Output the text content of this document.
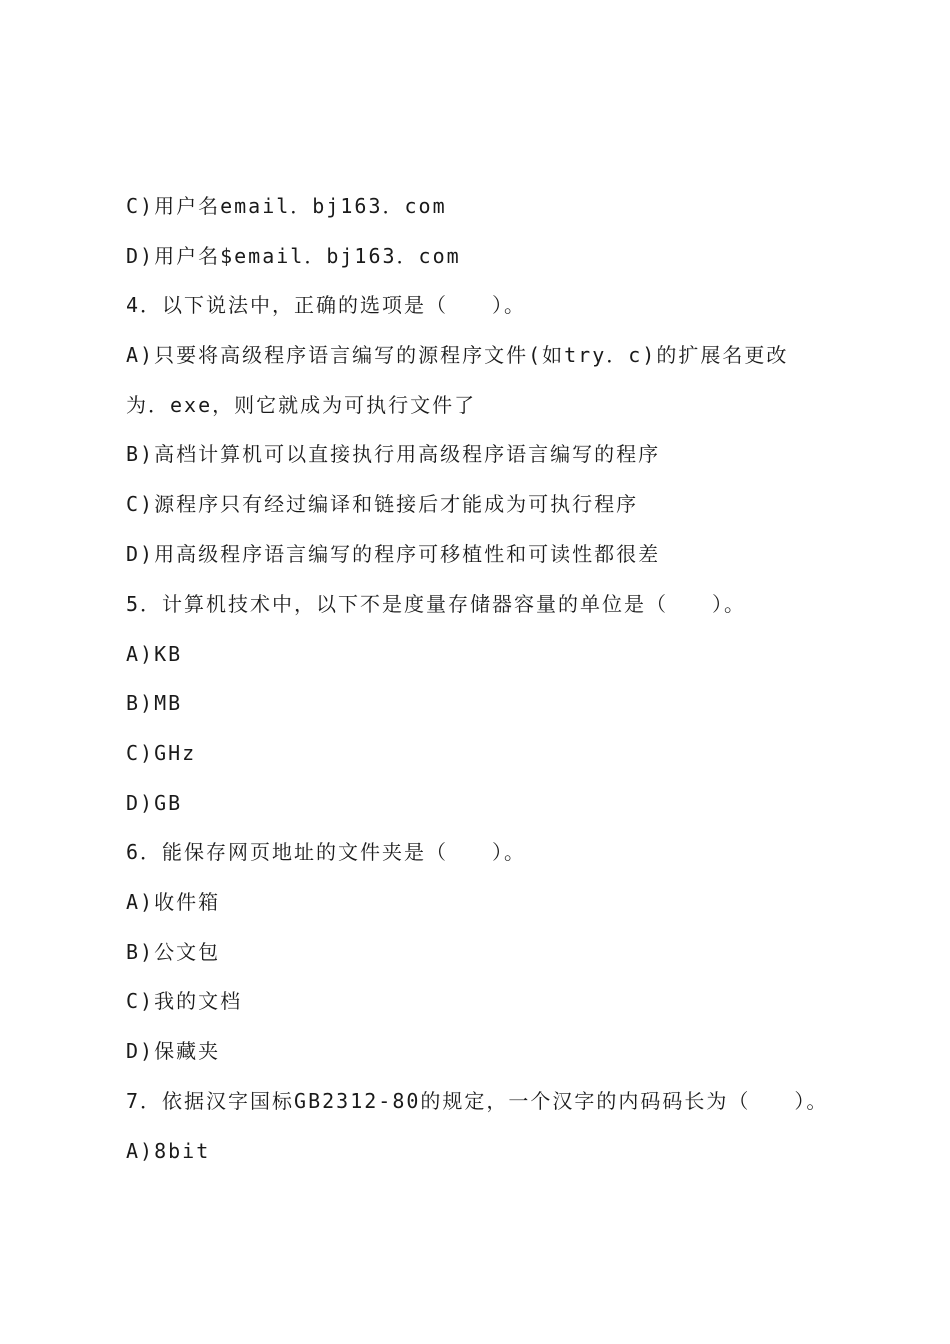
C)用户名email．bj163．com
D)用户名$email．bj163．com
4．以下说法中，正确的选项是（　　）。
A)只要将高级程序语言编写的源程序文件(如try．c)的扩展名更改
为．exe，则它就成为可执行文件了
B)高档计算机可以直接执行用高级程序语言编写的程序
C)源程序只有经过编译和链接后才能成为可执行程序
D)用高级程序语言编写的程序可移植性和可读性都很差
5．计算机技术中，以下不是度量存储器容量的单位是（　　）。
A)KB
B)MB
C)GHz
D)GB
6．能保存网页地址的文件夹是（　　）。
A)收件箱
B)公文包
C)我的文档
D)保藏夹
7．依据汉字国标GB2312-80的规定，一个汉字的内码码长为（　　）。
A)8bit
